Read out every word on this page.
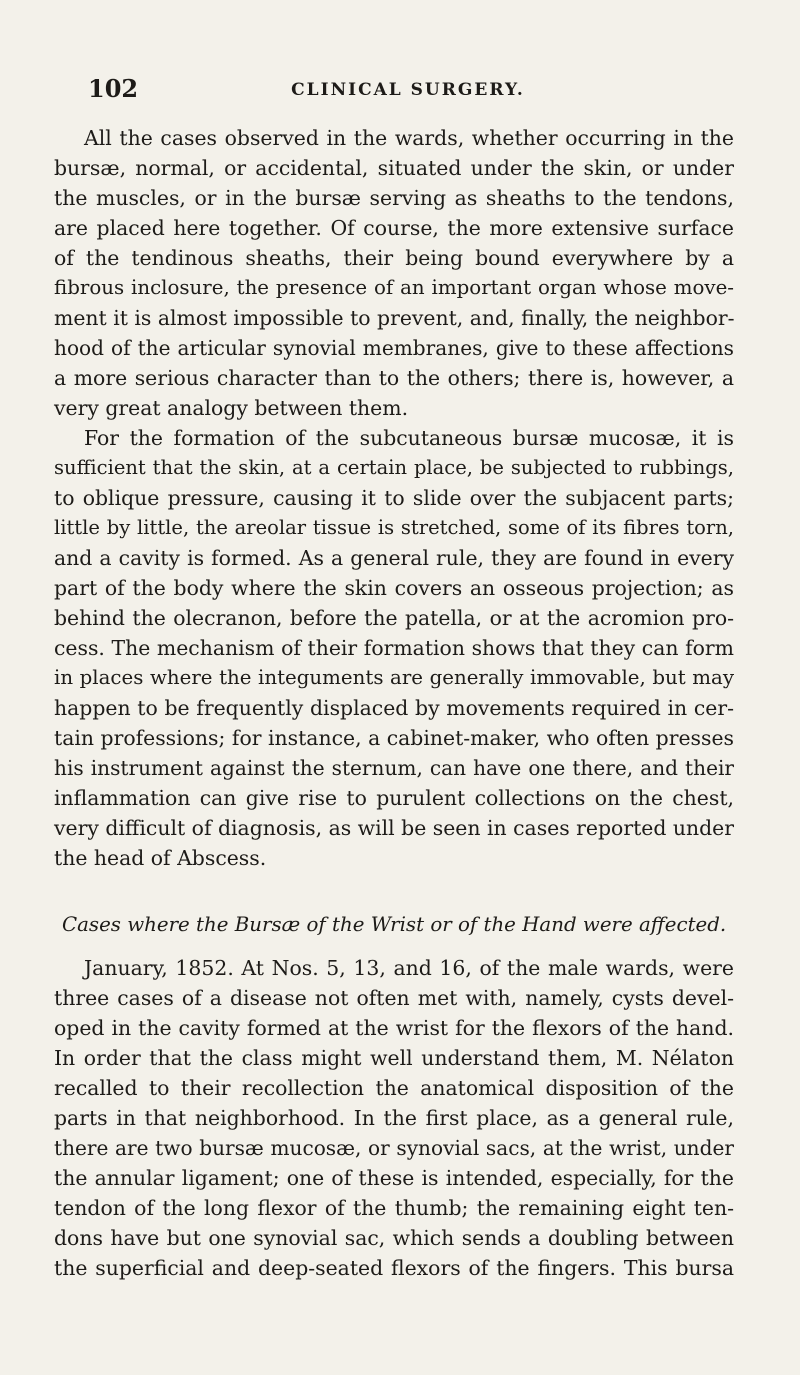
102	CLINICAL SURGERY.
All the cases observed in the wards, whether occurring in the
bursæ, normal, or accidental, situated under the skin, or under
the muscles, or in the bursæ serving as sheaths to the tendons,
are placed here together. Of course, the more extensive surface
of the tendinous sheaths, their being bound everywhere by a
fibrous inclosure, the presence of an important organ whose move-
ment it is almost impossible to prevent, and, finally, the neighbor-
hood of the articular synovial membranes, give to these affections
a more serious character than to the others; there is, however, a
very great analogy between them.
For the formation of the subcutaneous bursæ mucosæ, it is
sufficient that the skin, at a certain place, be subjected to rubbings,
to oblique pressure, causing it to slide over the subjacent parts;
little by little, the areolar tissue is stretched, some of its fibres torn,
and a cavity is formed. As a general rule, they are found in every
part of the body where the skin covers an osseous projection; as
behind the olecranon, before the patella, or at the acromion pro-
cess. The mechanism of their formation shows that they can form
in places where the integuments are generally immovable, but may
happen to be frequently displaced by movements required in cer-
tain professions; for instance, a cabinet-maker, who often presses
his instrument against the sternum, can have one there, and their
inflammation can give rise to purulent collections on the chest,
very difficult of diagnosis, as will be seen in cases reported under
the head of Abscess.
Cases where the Bursæ of the Wrist or of the Hand were affected.
January, 1852. At Nos. 5, 13, and 16, of the male wards, were
three cases of a disease not often met with, namely, cysts devel-
oped in the cavity formed at the wrist for the flexors of the hand.
In order that the class might well understand them, M. Nélaton
recalled to their recollection the anatomical disposition of the
parts in that neighborhood. In the first place, as a general rule,
there are two bursæ mucosæ, or synovial sacs, at the wrist, under
the annular ligament; one of these is intended, especially, for the
tendon of the long flexor of the thumb; the remaining eight ten-
dons have but one synovial sac, which sends a doubling between
the superficial and deep-seated flexors of the fingers. This bursa
